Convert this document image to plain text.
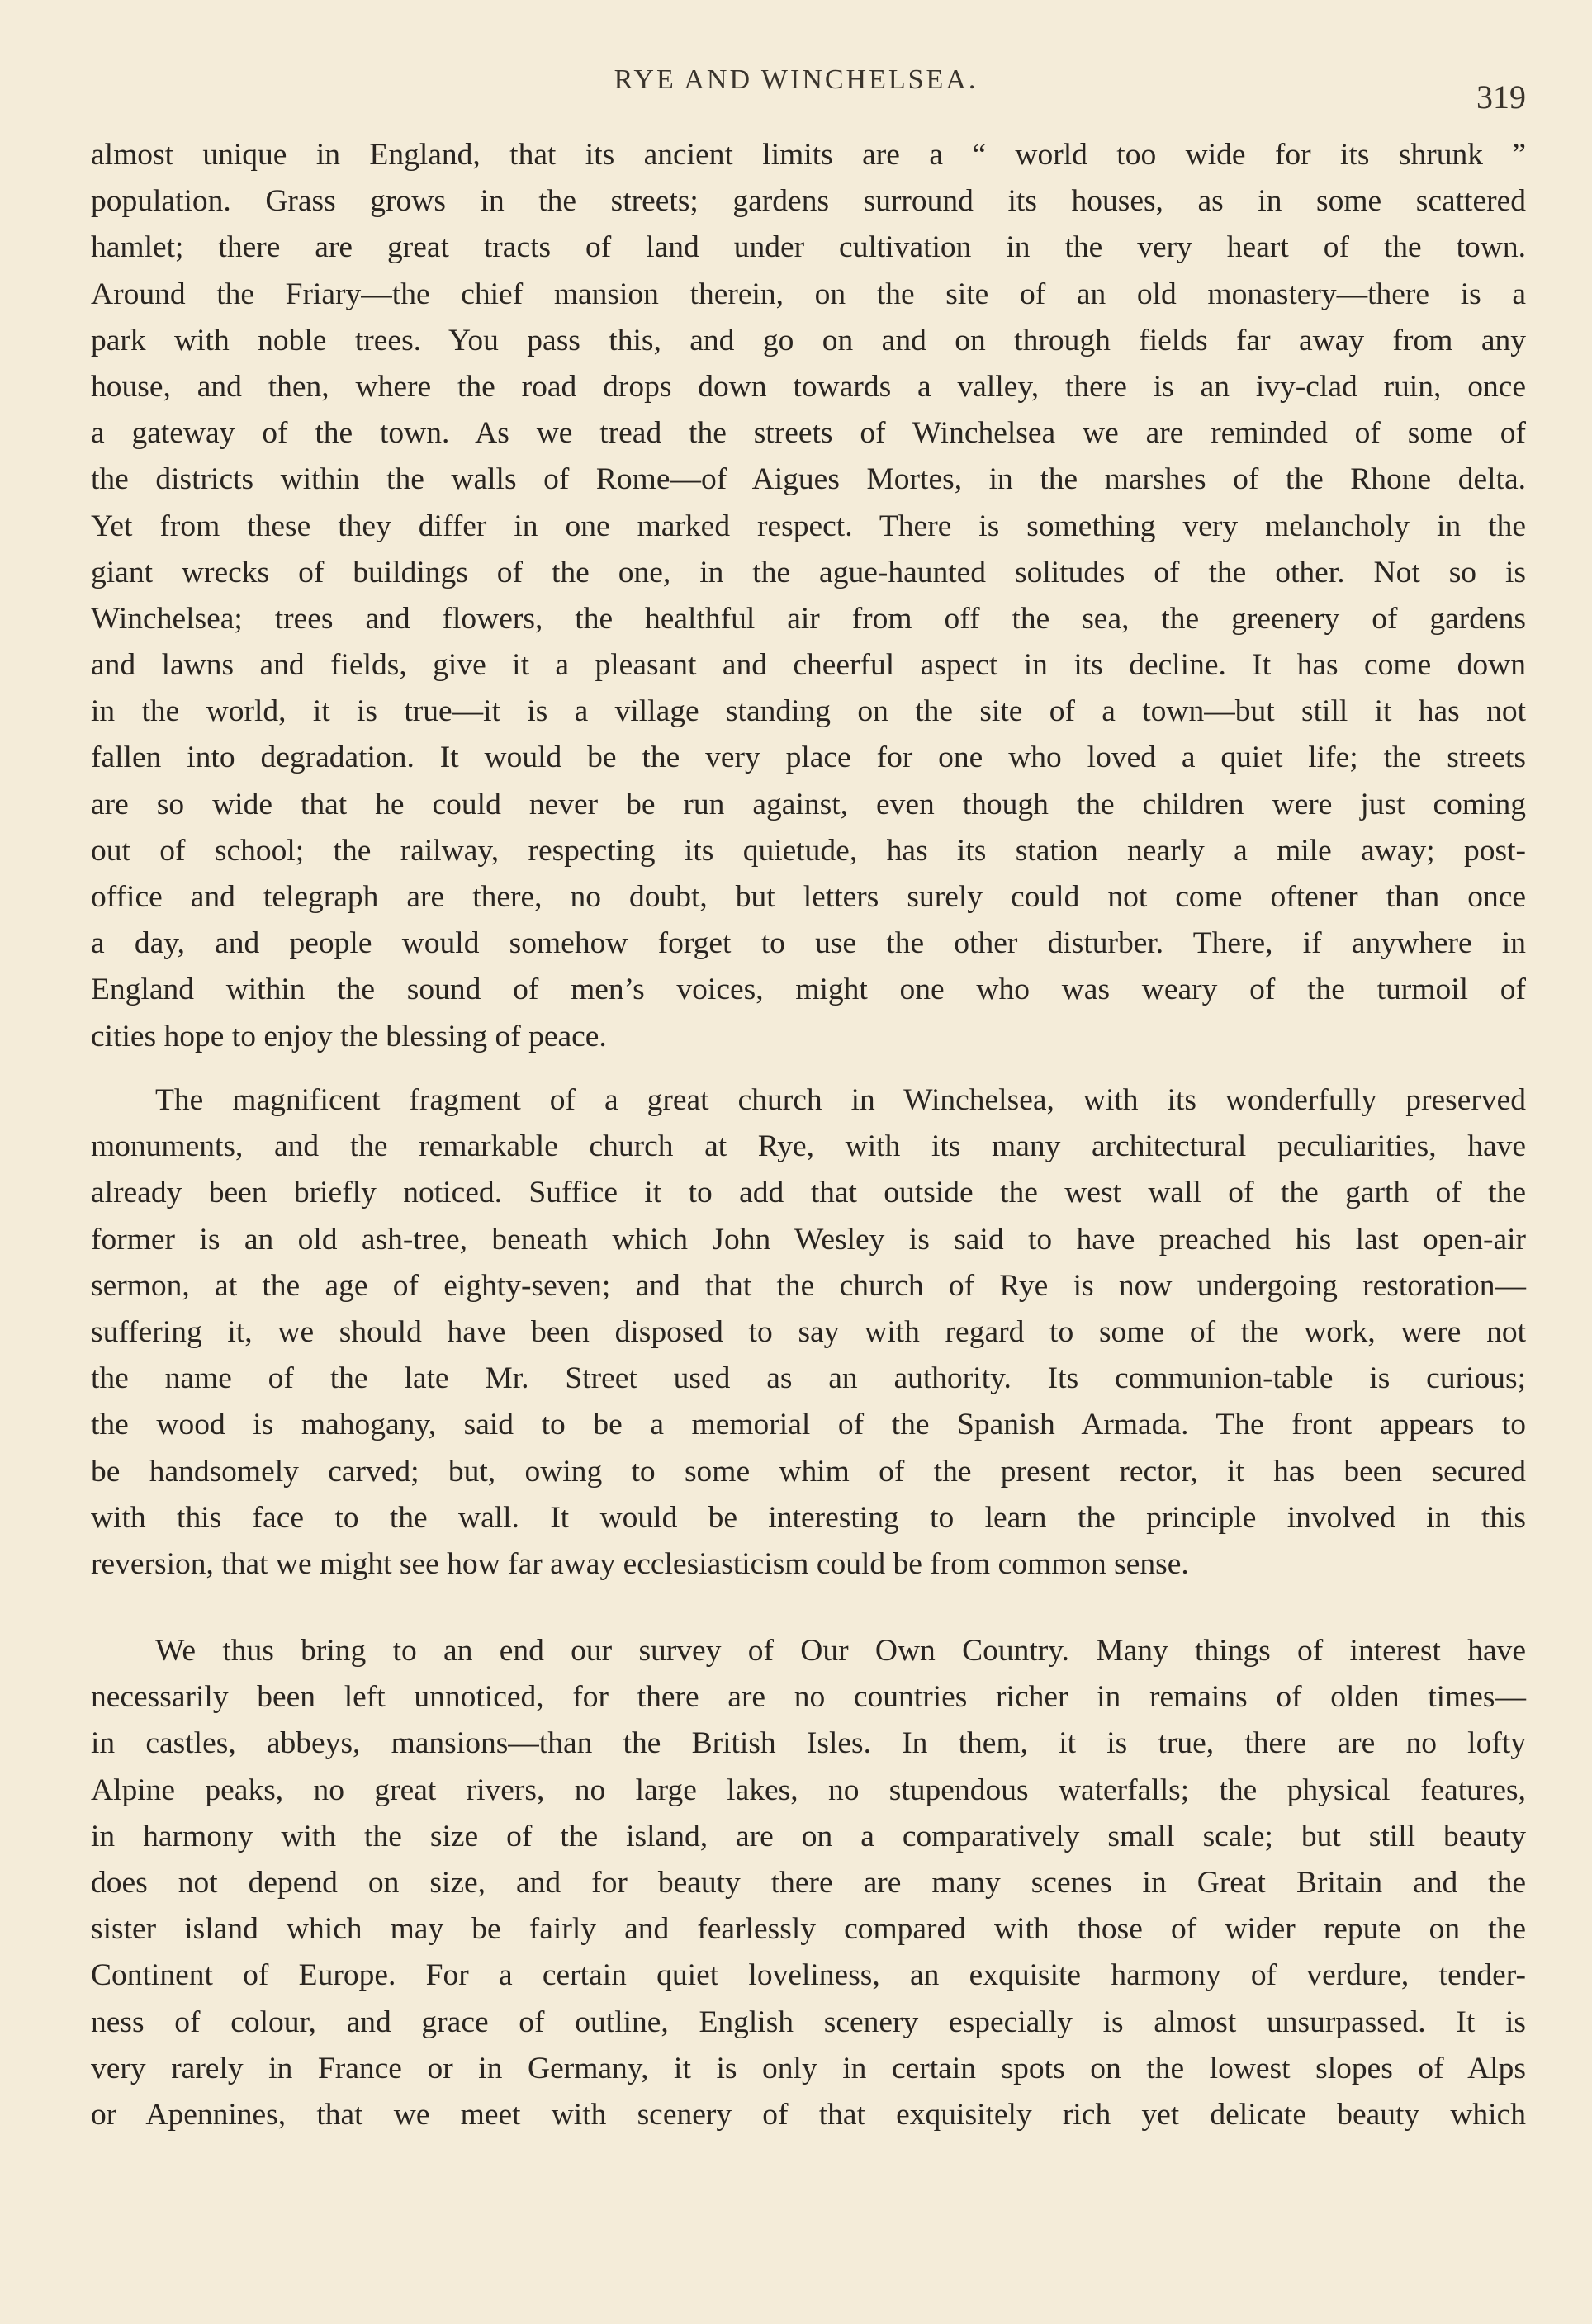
RYE AND WINCHELSEA.	319
almost unique in England, that its ancient limits are a “ world too wide for its shrunk ”
population. Grass grows in the streets; gardens surround its houses, as in some scattered
hamlet; there are great tracts of land under cultivation in the very heart of the town.
Around the Friary—the chief mansion therein, on the site of an old monastery—there is a
park with noble trees. You pass this, and go on and on through fields far away from any
house, and then, where the road drops down towards a valley, there is an ivy-clad ruin, once
a gateway of the town. As we tread the streets of Winchelsea we are reminded of some of
the districts within the walls of Rome—of Aigues Mortes, in the marshes of the Rhone delta.
Yet from these they differ in one marked respect. There is something very melancholy in the
giant wrecks of buildings of the one, in the ague-haunted solitudes of the other. Not so is
Winchelsea; trees and flowers, the healthful air from off the sea, the greenery of gardens
and lawns and fields, give it a pleasant and cheerful aspect in its decline. It has come down
in the world, it is true—it is a village standing on the site of a town—but still it has not
fallen into degradation. It would be the very place for one who loved a quiet life; the streets
are so wide that he could never be run against, even though the children were just coming
out of school; the railway, respecting its quietude, has its station nearly a mile away; post-
office and telegraph are there, no doubt, but letters surely could not come oftener than once
a day, and people would somehow forget to use the other disturber. There, if anywhere in
England within the sound of men’s voices, might one who was weary of the turmoil of
cities hope to enjoy the blessing of peace.
The magnificent fragment of a great church in Winchelsea, with its wonderfully preserved
monuments, and the remarkable church at Rye, with its many architectural peculiarities, have
already been briefly noticed. Suffice it to add that outside the west wall of the garth of the
former is an old ash-tree, beneath which John Wesley is said to have preached his last open-air
sermon, at the age of eighty-seven; and that the church of Rye is now undergoing restoration—
suffering it, we should have been disposed to say with regard to some of the work, were not
the name of the late Mr. Street used as an authority. Its communion-table is curious;
the wood is mahogany, said to be a memorial of the Spanish Armada. The front appears to
be handsomely carved; but, owing to some whim of the present rector, it has been secured
with this face to the wall. It would be interesting to learn the principle involved in this
reversion, that we might see how far away ecclesiasticism could be from common sense.
We thus bring to an end our survey of Our Own Country. Many things of interest have
necessarily been left unnoticed, for there are no countries richer in remains of olden times—
in castles, abbeys, mansions—than the British Isles. In them, it is true, there are no lofty
Alpine peaks, no great rivers, no large lakes, no stupendous waterfalls; the physical features,
in harmony with the size of the island, are on a comparatively small scale; but still beauty
does not depend on size, and for beauty there are many scenes in Great Britain and the
sister island which may be fairly and fearlessly compared with those of wider repute on the
Continent of Europe. For a certain quiet loveliness, an exquisite harmony of verdure, tender-
ness of colour, and grace of outline, English scenery especially is almost unsurpassed. It is
very rarely in France or in Germany, it is only in certain spots on the lowest slopes of Alps
or Apennines, that we meet with scenery of that exquisitely rich yet delicate beauty which
